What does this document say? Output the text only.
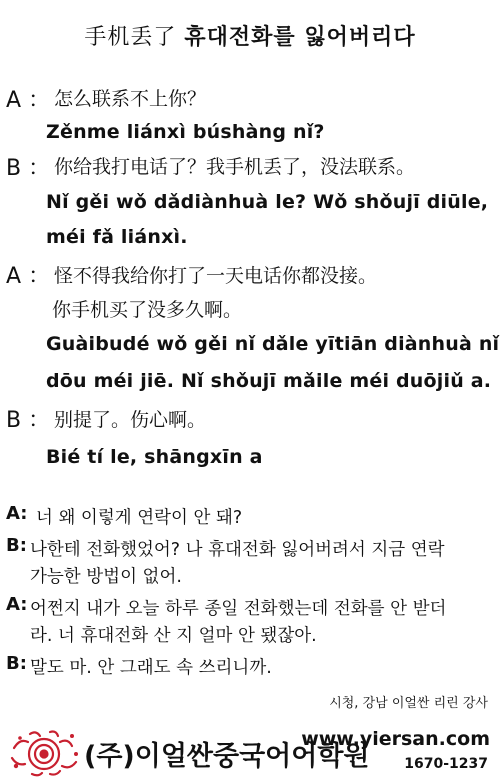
手机丢了 휴대전화를 잃어버리다
A ： 怎么联系不上你？
Zěnme liánxì búshàng nǐ?
B ： 你给我打电话了？我手机丢了，没法联系。
Nǐ gěi wǒ dǎdiànhuà le? Wǒ shǒujī diūle,
méi fǎ liánxì.
A ： 怪不得我给你打了一天电话你都没接。
你手机买了没多久啊。
Guàibudé wǒ gěi nǐ dǎle yītiān diànhuà nǐ
dōu méi jiē. Nǐ shǒujī mǎile méi duōjiǔ a.
B ： 别提了。伤心啊。
Bié tí le, shāngxīn a
A: 너 왜 이렇게 연락이 안 돼?
B: 나한테 전화했었어? 나 휴대전화 잃어버려서 지금 연락
가능한 방법이 없어.
A: 어쩐지 내가 오늘 하루 종일 전화했는데 전화를 안 받더
라. 너 휴대전화 산 지 얼마 안 됐잖아.
B: 말도 마. 안 그래도 속 쓰리니까.
시청, 강남 이얼싼 리린 강사
(주)이얼싼중국어어학원
www.yiersan.com
1670-1237
